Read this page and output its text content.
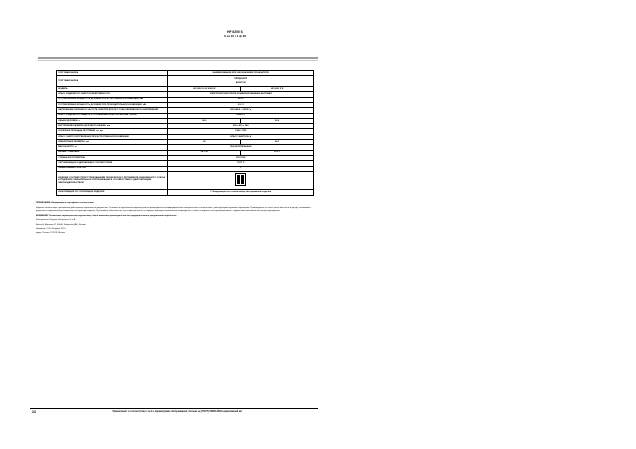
HF 6200 S
6 из 10 / 1 ф 48
ТОРГОВАЯ МАРКА	НАИМЕНОВАНИЕ ИЛИ ОБОЗНАЧЕНИЕ ПОКАЗАТЕЛЯ	
ТОРГОВАЯ МАРКА	Hotpoint
ARISTON	
МОДЕЛЬ	HF 6200 S, HF 6200 W	HF 6201 X R
КЛАСС ИЗДЕЛИЯ ПО ЭНЕРГОЭФФЕКТИВНОСТИ	ЭЛЕКТРИЧЕСКАЯ ПЛИТА КОМБИНИРОВАННАЯ БЫТОВАЯ	
ПОТРЕБЛЯЕМАЯ МОЩНОСТЬ ДУХОВКИ ПРИ ЕСТЕСТВЕННОЙ КОНВЕКЦИИ, кВт	24 / 2	
ПОТРЕБЛЯЕМАЯ МОЩНОСТЬ ДУХОВКИ ПРИ ПРИНУДИТЕЛЬНОЙ КОНВЕКЦИИ, кВт	0,9 / 2	
НАПРЯЖЕНИЕ ПИТАНИЯ И ЧАСТОТА ЭЛЕКТРИЧЕСКОГО ТОКА ПЕРЕМЕННОГО НАПРЯЖЕНИЯ	220-240 В ~ 50/60 Гц	
КЛАСС ИЗДЕЛИЯ ПО ЗАЩИТЕ ОТ ПОРАЖЕНИЯ ЭЛЕКТРИЧЕСКИМ ТОКОМ	КЛАСС I	
ОБЪЕМ ДУХОВКИ, л	56,0	56,0
ВНУТРЕННИЕ РАЗМЕРЫ ДУХОВОГО ШКАФА, мм	395 х 410 х 340	
ПОЛЕЗНАЯ ПЛОЩАДЬ ПРОТИВНЯ, кв. дм	1340 / 1350	
КЛАСС ЭНЕРГОПОТРЕБЛЕНИЯ ПРИ ЕСТЕСТВЕННОЙ КОНВЕКЦИИ	КЛАСС ЭНЕРГИИ: A	
ГАБАРИТНЫЕ РАЗМЕРЫ, мм	Ш	ВхГ
МАССА НЕТТО, кг	ГАЗ НАТУРАЛЬНЫЙ	
РАЗМЕР УПАКОВКИ	50 х 50	50 х 1
СТРАНА-ИЗГОТОВИТЕЛЬ	РОССИЯ	
СЕРТИФИКАЦИЯ И ДЕКЛАРАЦИЯ СООТВЕТСТВИЯ	ГОСТ Р	
ГАРАНТИЙНЫЙ СРОК, лет	1	
ИЗДЕЛИЕ СООТВЕТСТВУЕТ ТРЕБОВАНИЯМ ТЕХНИЧЕСКОГО РЕГЛАМЕНТА ТАМОЖЕННОГО СОЮЗА И ПОДЛЕЖИТ ОБЯЗАТЕЛЬНОЙ СЕРТИФИКАЦИИ В СООТВЕТСТВИИ С ДЕЙСТВУЮЩИМ ЗАКОНОДАТЕЛЬСТВОМ		
ИНФОРМАЦИЯ ПО УТИЛИЗАЦИИ ИЗДЕЛИЯ	1. Информация по техническому обслуживанию изделия	
ПРИМЕЧАНИЕ: Информация о сертификате соответствия
Изделие соответствует требованиям действующих нормативных документов. Установка и подключение изделия должны производиться квалифицированным специалистом в соответствии с действующими нормами и правилами. Производитель не несет ответственности за ущерб, возникший в результате неправильной установки или эксплуатации изделия. Гарантийные обязательства не распространяются на изделия, имеющие механические повреждения, а также на изделия, эксплуатировавшиеся с нарушением требований настоящего руководства.
ВНИМАНИЕ! Технические характеристики изделия могут быть изменены производителем без предварительного уведомления потребителя.
Изготовитель: Индезит Интернэшнл С.п.А.
Виале А. Мерлони 47, 60044, Фабриано (АН), Италия
Импортер: ООО «Индезит РУС»
адрес: Россия, 127018, Москва
24	Примечание: в соответствии с №1 и параметрами обслуживания, больше не (ГОСТ) 50696-2006 нормативный акт
